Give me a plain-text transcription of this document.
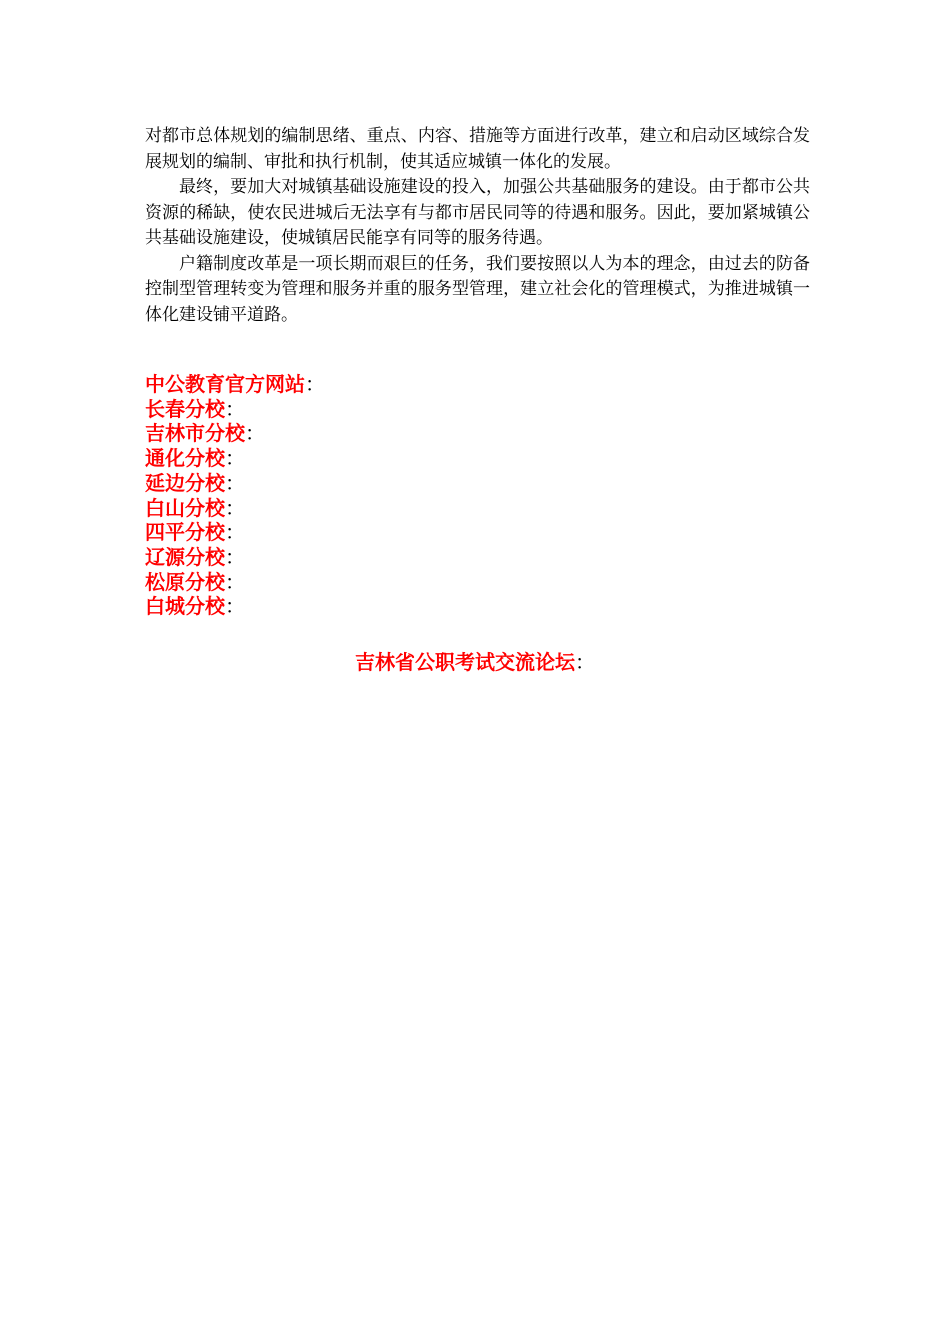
对都市总体规划的编制思绪、重点、内容、措施等方面进行改革，建立和启动区域综合发展规划的编制、审批和执行机制，使其适应城镇一体化的发展。

最终，要加大对城镇基础设施建设的投入，加强公共基础服务的建设。由于都市公共资源的稀缺，使农民进城后无法享有与都市居民同等的待遇和服务。因此，要加紧城镇公共基础设施建设，使城镇居民能享有同等的服务待遇。

户籍制度改革是一项长期而艰巨的任务，我们要按照以人为本的理念，由过去的防备控制型管理转变为管理和服务并重的服务型管理，建立社会化的管理模式，为推进城镇一体化建设铺平道路。

中公教育官方网站：
长春分校：
吉林市分校：
通化分校：
延边分校：
白山分校：
四平分校：
辽源分校：
松原分校：
白城分校：
吉林省公职考试交流论坛：
